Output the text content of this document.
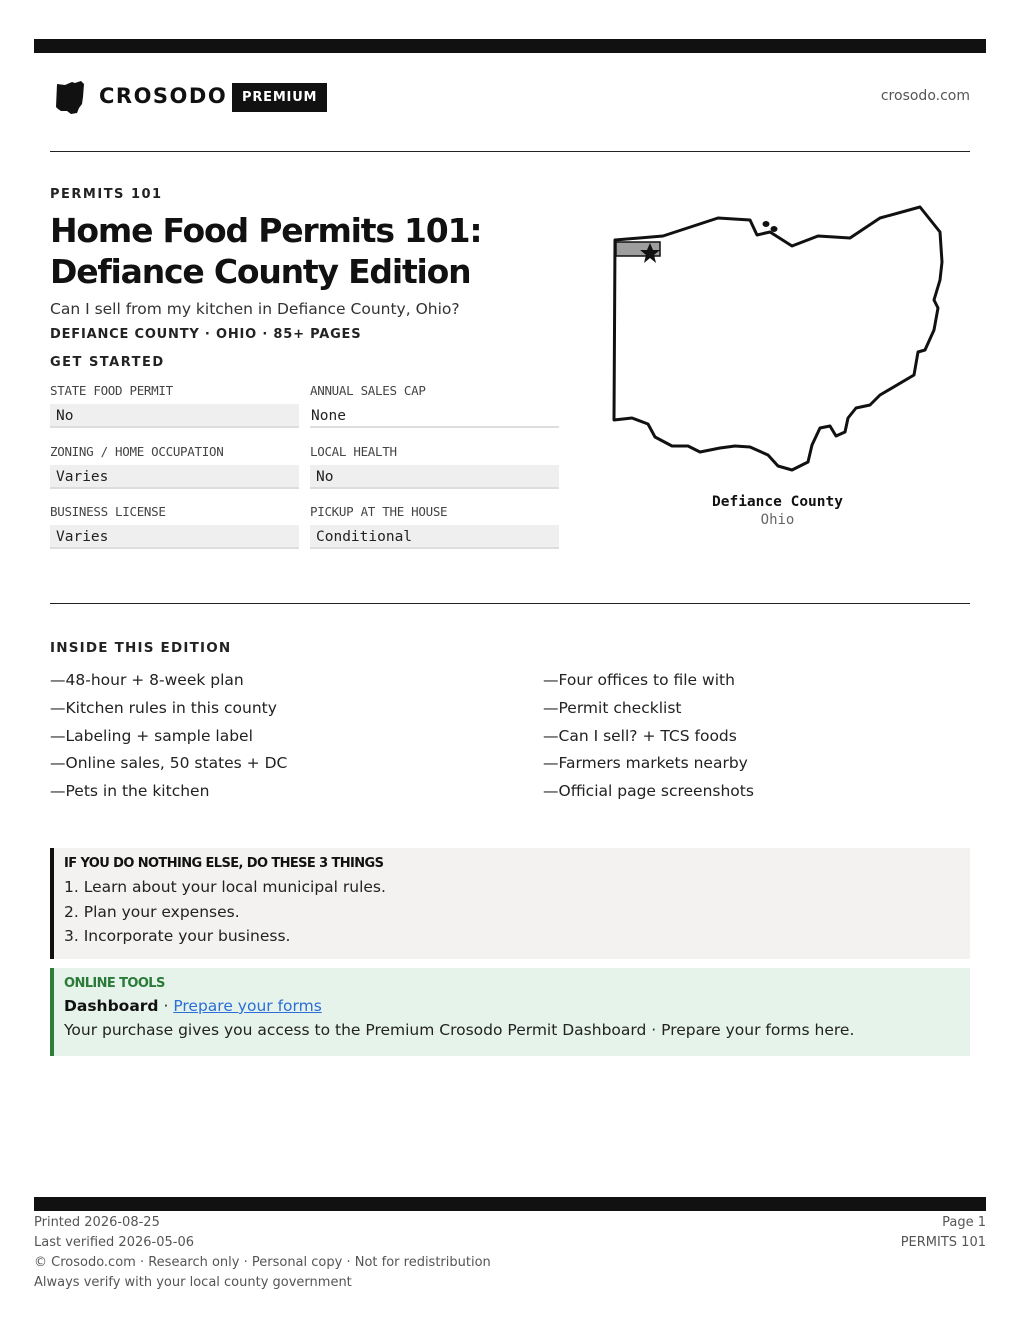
CROSODO	PREMIUM	crosodo.com
PERMITS 101
Home Food Permits 101:
Defiance County Edition
Can I sell from my kitchen in Defiance County, Ohio?
DEFIANCE COUNTY · OHIO · 85+ PAGES
GET STARTED
STATE FOOD PERMIT
No
ANNUAL SALES CAP
None
ZONING / HOME OCCUPATION
Varies
LOCAL HEALTH
No
BUSINESS LICENSE
Varies
PICKUP AT THE HOUSE
Conditional
Defiance County
Ohio
INSIDE THIS EDITION
—48-hour + 8-week plan
—Kitchen rules in this county
—Labeling + sample label
—Online sales, 50 states + DC
—Pets in the kitchen
—Four offices to file with
—Permit checklist
—Can I sell? + TCS foods
—Farmers markets nearby
—Official page screenshots
IF YOU DO NOTHING ELSE, DO THESE 3 THINGS
1. Learn about your local municipal rules.
2. Plan your expenses.
3. Incorporate your business.
ONLINE TOOLS
Dashboard · Prepare your forms
Your purchase gives you access to the Premium Crosodo Permit Dashboard · Prepare your forms here.
Printed 2026-08-25
Last verified 2026-05-06
© Crosodo.com · Research only · Personal copy · Not for redistribution
Always verify with your local county government
Page 1
PERMITS 101
